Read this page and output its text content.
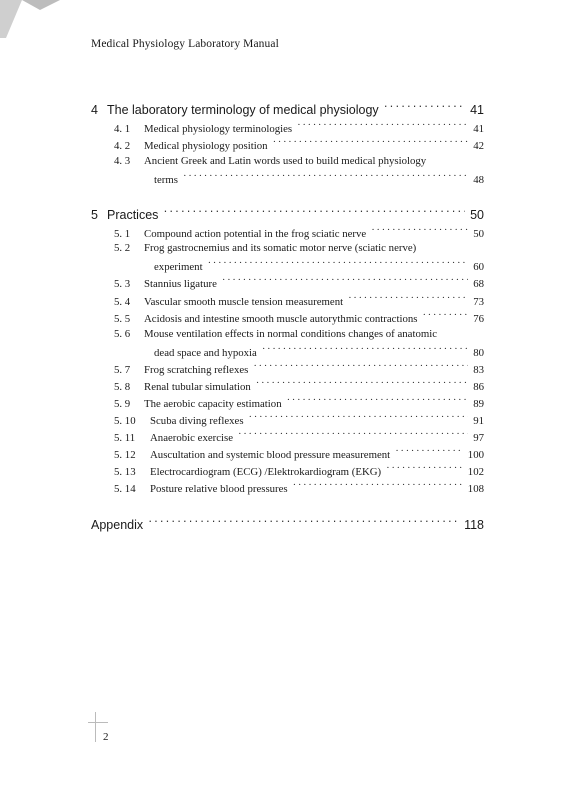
Medical Physiology Laboratory Manual
4 The laboratory terminology of medical physiology ·····	41
4. 1	Medical physiology terminologies ·····	41
4. 2	Medical physiology position ·····	42
4. 3	Ancient Greek and Latin words used to build medical physiology
terms ·····	48
5 Practices ·····	50
5. 1	Compound action potential in the frog sciatic nerve ·····	50
5. 2	Frog gastrocnemius and its somatic motor nerve (sciatic nerve)
experiment ·····	60
5. 3	Stannius ligature ·····	68
5. 4	Vascular smooth muscle tension measurement ·····	73
5. 5	Acidosis and intestine smooth muscle autorythmic contractions ·····	76
5. 6	Mouse ventilation effects in normal conditions changes of anatomic
dead space and hypoxia ·····	80
5. 7	Frog scratching reflexes ·····	83
5. 8	Renal tubular simulation ·····	86
5. 9	The aerobic capacity estimation ·····	89
5. 10	Scuba diving reflexes ·····	91
5. 11	Anaerobic exercise ·····	97
5. 12	Auscultation and systemic blood pressure measurement ·····	100
5. 13	Electrocardiogram (ECG) /Elektrokardiogram (EKG) ·····	102
5. 14	Posture relative blood pressures ·····	108
Appendix ·····	118
2
